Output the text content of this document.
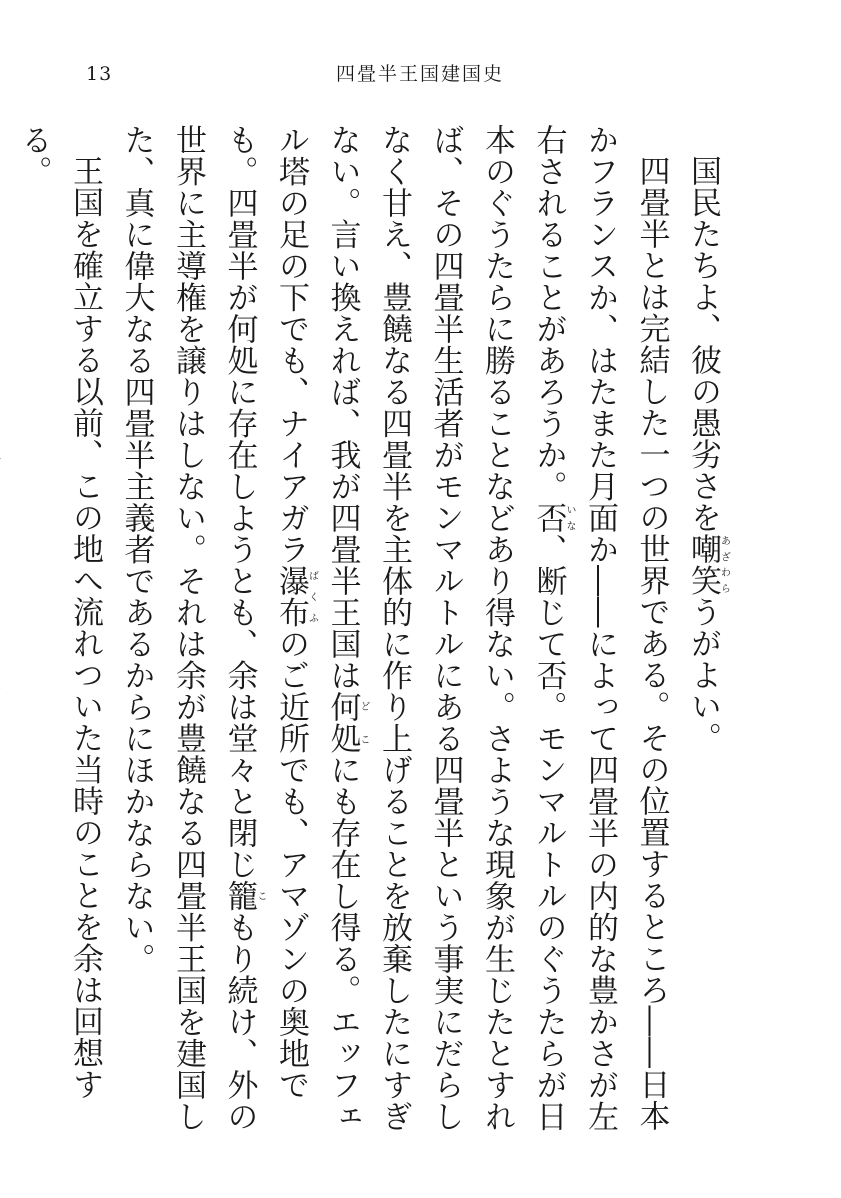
13	四畳半王国建国史

国民たちよ、彼の愚劣さを嘲笑あざわらうがよい。

四畳半とは完結した一つの世界である。その位置するところ――日本かフランスか、はたまた月面か――によって四畳半の内的な豊かさが左右されることがあろうか。否いな、断じて否。モンマルトルのぐうたらが日本のぐうたらに勝ることなどあり得ない。さような現象が生じたとすれば、その四畳半生活者がモンマルトルにある四畳半という事実にだらしなく甘え、豊饒なる四畳半を主体的に作り上げることを放棄したにすぎない。言い換えれば、我が四畳半王国は何処どこにも存在し得る。エッフェル塔の足の下でも、ナイアガラ瀑布ばくふのご近所でも、アマゾンの奥地でも。四畳半が何処に存在しようとも、余は堂々と閉じ籠こもり続け、外の世界に主導権を譲りはしない。それは余が豊饒なる四畳半王国を建国した、真に偉大なる四畳半主義者であるからにほかならない。

王国を確立する以前、この地へ流れついた当時のことを余は回想する。
